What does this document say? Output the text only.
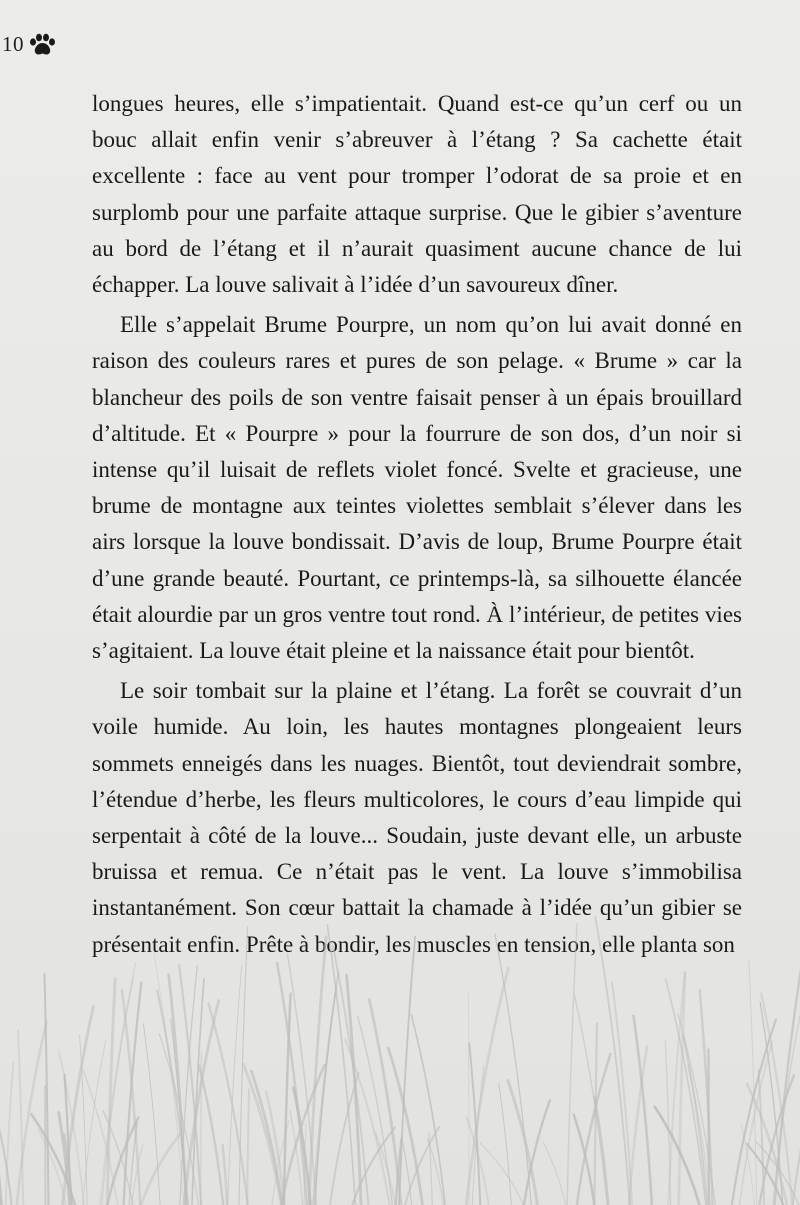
10

longues heures, elle s’impatientait. Quand est-ce qu’un cerf ou un bouc allait enfin venir s’abreuver à l’étang ? Sa cachette était excellente : face au vent pour tromper l’odorat de sa proie et en surplomb pour une parfaite attaque surprise. Que le gibier s’aventure au bord de l’étang et il n’aurait quasiment aucune chance de lui échapper. La louve salivait à l’idée d’un savoureux dîner.

Elle s’appelait Brume Pourpre, un nom qu’on lui avait donné en raison des couleurs rares et pures de son pelage. « Brume » car la blancheur des poils de son ventre faisait penser à un épais brouillard d’altitude. Et « Pourpre » pour la fourrure de son dos, d’un noir si intense qu’il luisait de reflets violet foncé. Svelte et gracieuse, une brume de montagne aux teintes violettes semblait s’élever dans les airs lorsque la louve bondissait. D’avis de loup, Brume Pourpre était d’une grande beauté. Pourtant, ce printemps-là, sa silhouette élancée était alourdie par un gros ventre tout rond. À l’intérieur, de petites vies s’agitaient. La louve était pleine et la naissance était pour bientôt.

Le soir tombait sur la plaine et l’étang. La forêt se couvrait d’un voile humide. Au loin, les hautes montagnes plongeaient leurs sommets enneigés dans les nuages. Bientôt, tout deviendrait sombre, l’étendue d’herbe, les fleurs multicolores, le cours d’eau limpide qui serpentait à côté de la louve... Soudain, juste devant elle, un arbuste bruissa et remua. Ce n’était pas le vent. La louve s’immobilisa instantanément. Son cœur battait la chamade à l’idée qu’un gibier se présentait enfin. Prête à bondir, les muscles en tension, elle planta son
